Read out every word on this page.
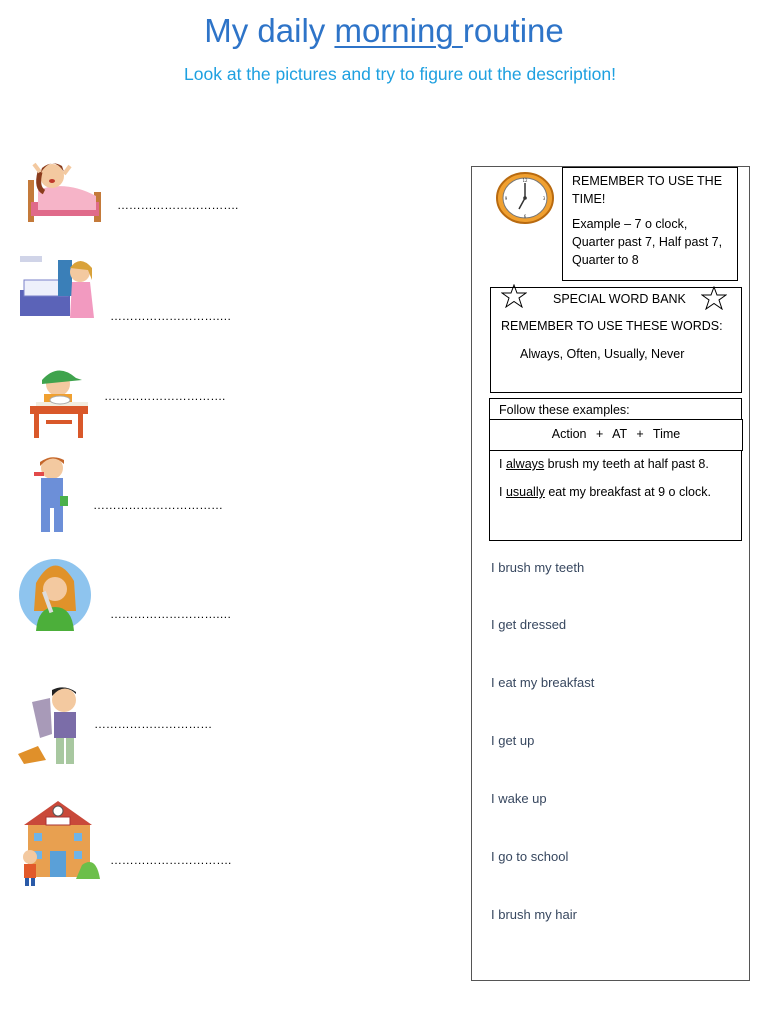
My daily morning routine
Look at the pictures and try to figure out the description!
………………………….
……………………….…
………………………….
……………………………
……………………….…
…………………………
………………………….
12
3
6
9
REMEMBER TO USE THE TIME!
Example – 7 o clock, Quarter past 7, Half past 7, Quarter to 8
SPECIAL WORD BANK
REMEMBER TO USE THESE WORDS:
Always, Often, Usually, Never
Follow these examples:
Action + AT + Time
I always brush my teeth at half past 8.
I usually eat my breakfast at 9 o clock.
I brush my teeth
I get dressed
I eat my breakfast
I get up
I wake up
I go to school
I brush my hair
